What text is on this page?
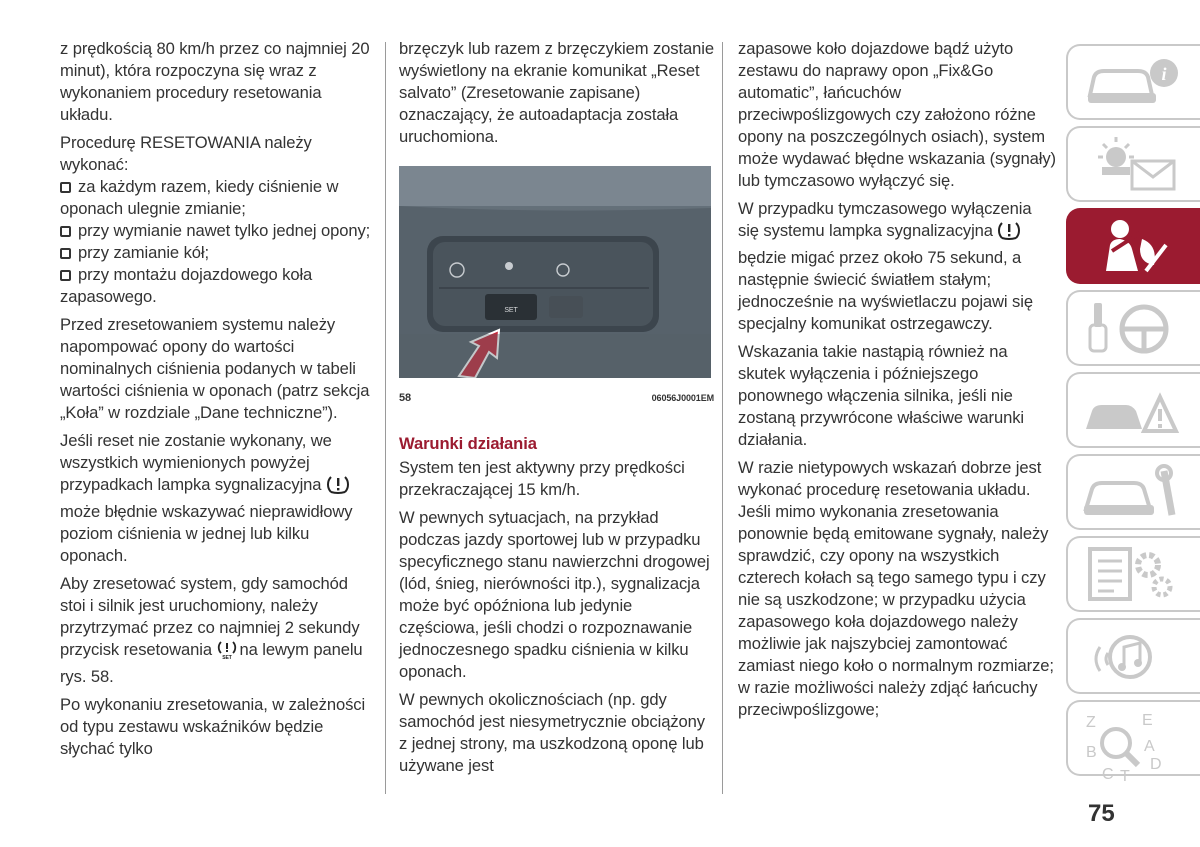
z prędkością 80 km/h przez co najmniej 20 minut), która rozpoczyna się wraz z wykonaniem procedury resetowania układu.

Procedurę RESETOWANIA należy wykonać:

za każdym razem, kiedy ciśnienie w oponach ulegnie zmianie;
przy wymianie nawet tylko jednej opony;
przy zamianie kół;
przy montażu dojazdowego koła zapasowego.

Przed zresetowaniem systemu należy napompować opony do wartości nominalnych ciśnienia podanych w tabeli wartości ciśnienia w oponach (patrz sekcja „Koła” w rozdziale „Dane techniczne”).

Jeśli reset nie zostanie wykonany, we wszystkich wymienionych powyżej przypadkach lampka sygnalizacyjna może błędnie wskazywać nieprawidłowy poziom ciśnienia w jednej lub kilku oponach.

Aby zresetować system, gdy samochód stoi i silnik jest uruchomiony, należy przytrzymać przez co najmniej 2 sekundy przycisk resetowania SET na lewym panelu rys. 58.

Po wykonaniu zresetowania, w zależności od typu zestawu wskaźników będzie słychać tylko

brzęczyk lub razem z brzęczykiem zostanie wyświetlony na ekranie komunikat „Reset salvato” (Zresetowanie zapisane) oznaczający, że autoadaptacja została uruchomiona.

SET
58	06056J0001EM
Warunki działania

System ten jest aktywny przy prędkości przekraczającej 15 km/h.

W pewnych sytuacjach, na przykład podczas jazdy sportowej lub w przypadku specyficznego stanu nawierzchni drogowej (lód, śnieg, nierówności itp.), sygnalizacja może być opóźniona lub jedynie częściowa, jeśli chodzi o rozpoznawanie jednoczesnego spadku ciśnienia w kilku oponach.

W pewnych okolicznościach (np. gdy samochód jest niesymetrycznie obciążony z jednej strony, ma uszkodzoną oponę lub używane jest

zapasowe koło dojazdowe bądź użyto zestawu do naprawy opon „Fix&Go automatic”, łańcuchów przeciwpoślizgowych czy założono różne opony na poszczególnych osiach), system może wydawać błędne wskazania (sygnały) lub tymczasowo wyłączyć się.

W przypadku tymczasowego wyłączenia się systemu lampka sygnalizacyjna będzie migać przez około 75 sekund, a następnie świecić światłem stałym; jednocześnie na wyświetlaczu pojawi się specjalny komunikat ostrzegawczy.

Wskazania takie nastąpią również na skutek wyłączenia i późniejszego ponownego włączenia silnika, jeśli nie zostaną przywrócone właściwe warunki działania.

W razie nietypowych wskazań dobrze jest wykonać procedurę resetowania układu. Jeśli mimo wykonania zresetowania ponownie będą emitowane sygnały, należy sprawdzić, czy opony na wszystkich czterech kołach są tego samego typu i czy nie są uszkodzone; w przypadku użycia zapasowego koła dojazdowego należy możliwie jak najszybciej zamontować zamiast niego koło o normalnym rozmiarze; w razie możliwości należy zdjąć łańcuchy przeciwpoślizgowe;

i
Z	E
B	A
C T
D
75
